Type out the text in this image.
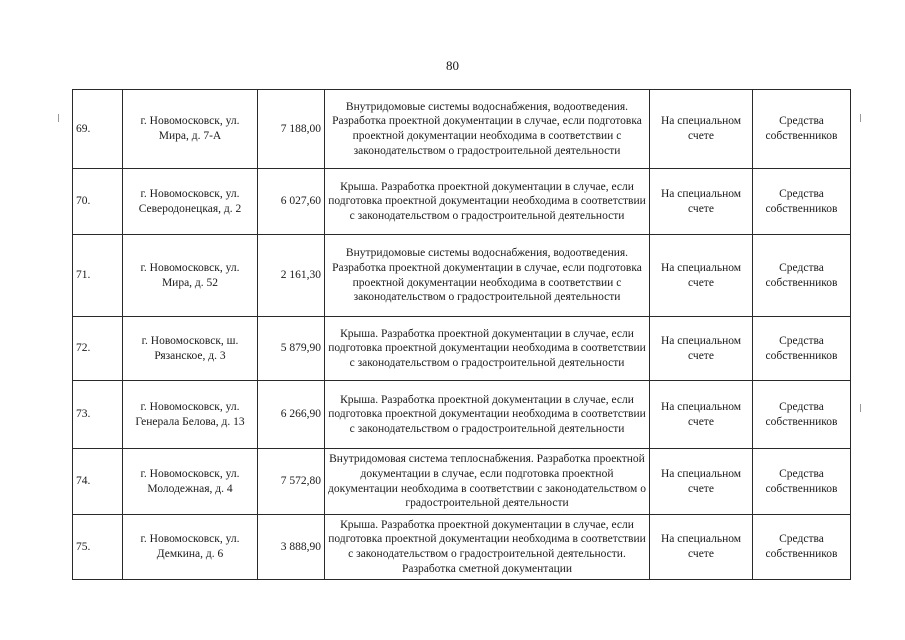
80
69.	г. Новомосковск, ул. Мира, д. 7-А	7 188,00	Внутридомовые системы водоснабжения, водоотведения. Разработка проектной документации в случае, если подготовка проектной документации необходима в соответствии с законодательством о градостроительной деятельности	На специальном счете	Средства собственников
70.	г. Новомосковск, ул. Северодонецкая, д. 2	6 027,60	Крыша. Разработка проектной документации в случае, если подготовка проектной документации необходима в соответствии с законодательством о градостроительной деятельности	На специальном счете	Средства собственников
71.	г. Новомосковск, ул. Мира, д. 52	2 161,30	Внутридомовые системы водоснабжения, водоотведения. Разработка проектной документации в случае, если подготовка проектной документации необходима в соответствии с законодательством о градостроительной деятельности	На специальном счете	Средства собственников
72.	г. Новомосковск, ш. Рязанское, д. 3	5 879,90	Крыша. Разработка проектной документации в случае, если подготовка проектной документации необходима в соответствии с законодательством о градостроительной деятельности	На специальном счете	Средства собственников
73.	г. Новомосковск, ул. Генерала Белова, д. 13	6 266,90	Крыша. Разработка проектной документации в случае, если подготовка проектной документации необходима в соответствии с законодательством о градостроительной деятельности	На специальном счете	Средства собственников
74.	г. Новомосковск, ул. Молодежная, д. 4	7 572,80	Внутридомовая система теплоснабжения. Разработка проектной документации в случае, если подготовка проектной документации необходима в соответствии с законодательством о градостроительной деятельности	На специальном счете	Средства собственников
75.	г. Новомосковск, ул. Демкина, д. 6	3 888,90	Крыша. Разработка проектной документации в случае, если подготовка проектной документации необходима в соответствии с законодательством о градостроительной деятельности. Разработка сметной документации	На специальном счете	Средства собственников
